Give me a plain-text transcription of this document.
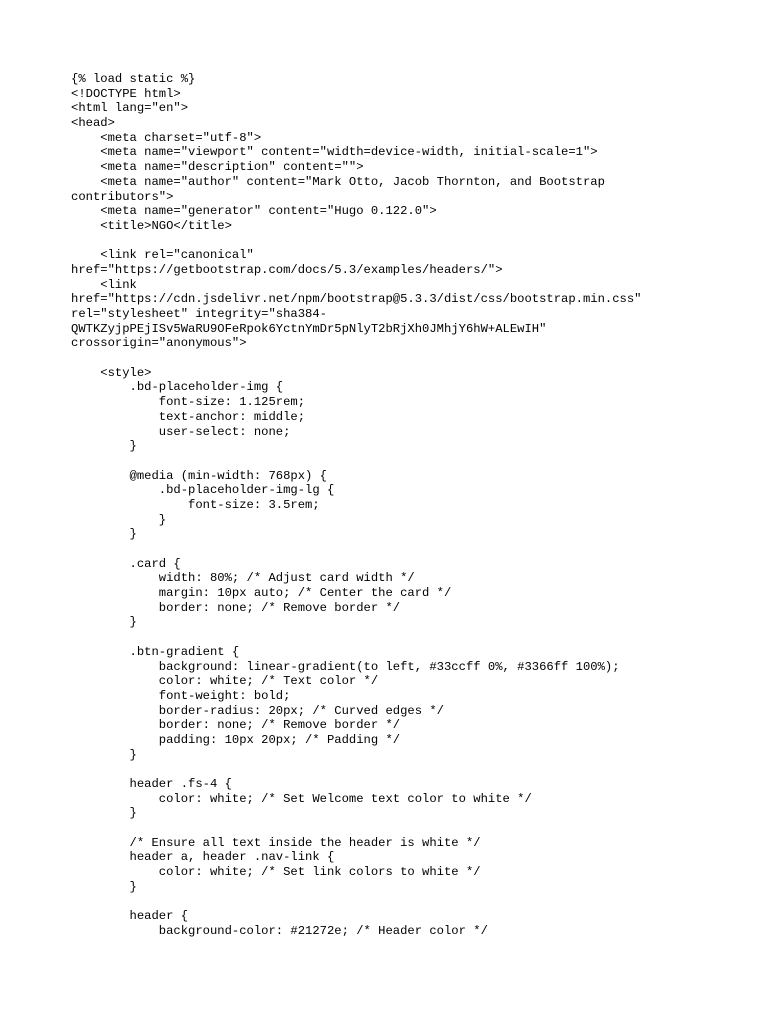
{% load static %}
<!DOCTYPE html>
<html lang="en">
<head>
<meta charset="utf-8">
<meta name="viewport" content="width=device-width, initial-scale=1">
<meta name="description" content="">
<meta name="author" content="Mark Otto, Jacob Thornton, and Bootstrap
contributors">
<meta name="generator" content="Hugo 0.122.0">
<title>NGO</title>
<link rel="canonical"
href="https://getbootstrap.com/docs/5.3/examples/headers/">
<link
href="https://cdn.jsdelivr.net/npm/bootstrap@5.3.3/dist/css/bootstrap.min.css"
rel="stylesheet" integrity="sha384-
QWTKZyjpPEjISv5WaRU9OFeRpok6YctnYmDr5pNlyT2bRjXh0JMhjY6hW+ALEwIH"
crossorigin="anonymous">
<style>
.bd-placeholder-img {
font-size: 1.125rem;
text-anchor: middle;
user-select: none;
}
@media (min-width: 768px) {
.bd-placeholder-img-lg {
font-size: 3.5rem;
}
}
.card {
width: 80%; /* Adjust card width */
margin: 10px auto; /* Center the card */
border: none; /* Remove border */
}
.btn-gradient {
background: linear-gradient(to left, #33ccff 0%, #3366ff 100%);
color: white; /* Text color */
font-weight: bold;
border-radius: 20px; /* Curved edges */
border: none; /* Remove border */
padding: 10px 20px; /* Padding */
}
header .fs-4 {
color: white; /* Set Welcome text color to white */
}
/* Ensure all text inside the header is white */
header a, header .nav-link {
color: white; /* Set link colors to white */
}
header {
background-color: #21272e; /* Header color */
